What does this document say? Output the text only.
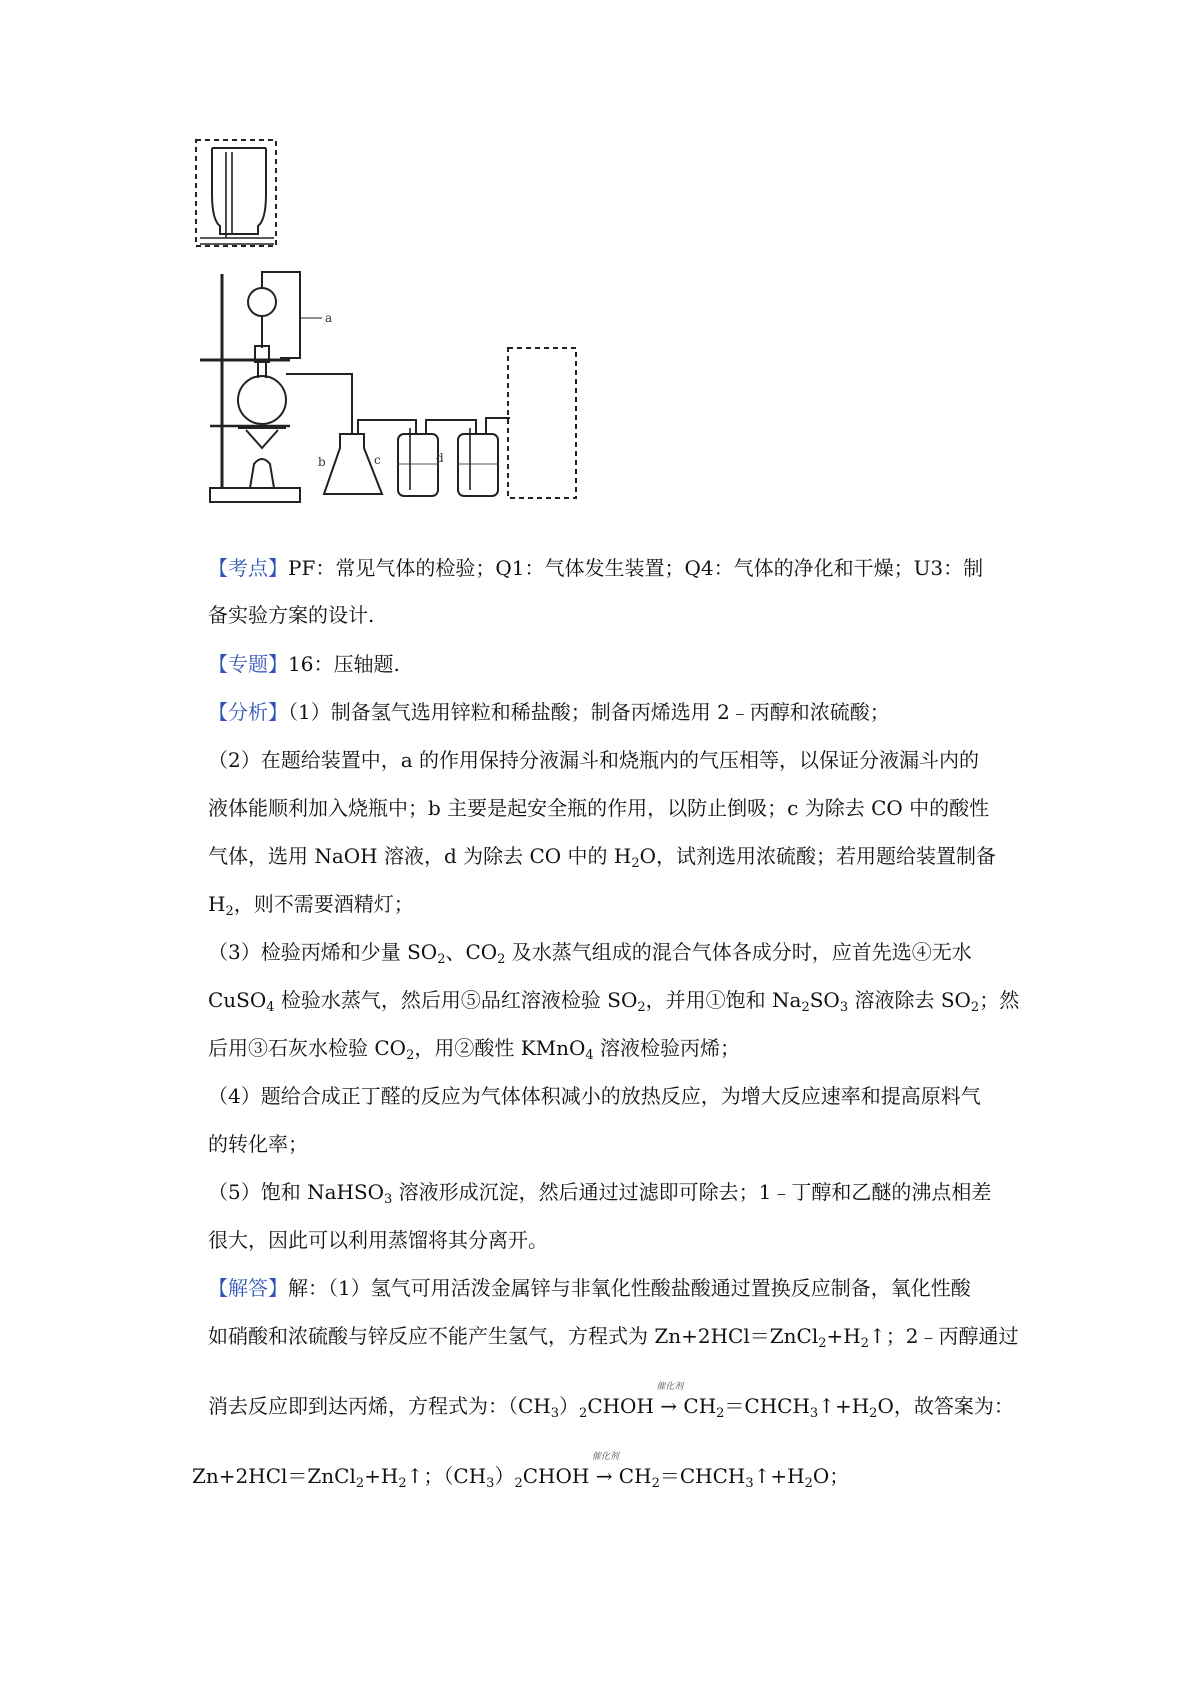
a
b	c	d
【考点】PF：常见气体的检验；Q1：气体发生装置；Q4：气体的净化和干燥；U3：制
备实验方案的设计.
【专题】16：压轴题.
【分析】（1）制备氢气选用锌粒和稀盐酸；制备丙烯选用 2﹣丙醇和浓硫酸；
（2）在题给装置中，a 的作用保持分液漏斗和烧瓶内的气压相等，以保证分液漏斗内的
液体能顺利加入烧瓶中；b 主要是起安全瓶的作用，以防止倒吸；c 为除去 CO 中的酸性
气体，选用 NaOH 溶液，d 为除去 CO 中的 $H_2O$，试剂选用浓硫酸；若用题给装置制备
$H_2$，则不需要酒精灯；
（3）检验丙烯和少量 $SO_2$、$CO_2$ 及水蒸气组成的混合气体各成分时，应首先选④无水
CuSO$_4$ 检验水蒸气，然后用⑤品红溶液检验 $SO_2$，并用①饱和 $Na_2SO_3$ 溶液除去 $SO_2$；然
后用③石灰水检验 $CO_2$，用②酸性 KMnO$_4$ 溶液检验丙烯；
（4）题给合成正丁醛的反应为气体体积减小的放热反应，为增大反应速率和提高原料气
的转化率；
（5）饱和 NaHSO$_3$ 溶液形成沉淀，然后通过过滤即可除去；1﹣丁醇和乙醚的沸点相差
很大，因此可以利用蒸馏将其分离开。
【解答】解：（1）氢气可用活泼金属锌与非氧化性酸盐酸通过置换反应制备，氧化性酸
如硝酸和浓硫酸与锌反应不能产生氢气，方程式为 $Zn+2HCl=ZnCl_2+H_2↑$；2﹣丙醇通过
消去反应即到达丙烯，方程式为：$(CH_3)_2CHOH$
催化剂
→ $CH_2=CHCH_3↑+H_2O$，故答案为：
$Zn+2HCl=ZnCl_2+H_2↑$；$(CH_3)_2CHOH$
催化剂
→ $CH_2=CHCH_3↑+H_2O$；
